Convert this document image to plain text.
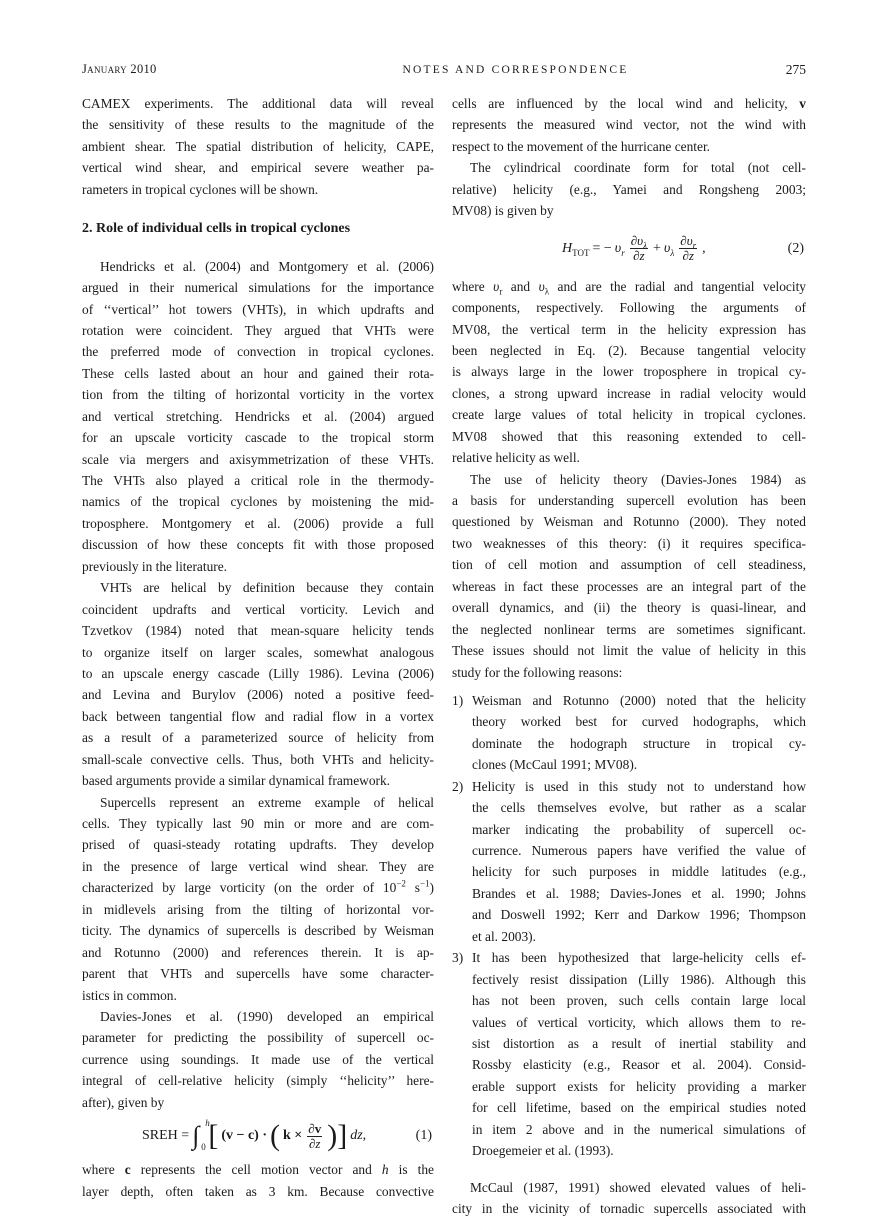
January 2010	NOTES AND CORRESPONDENCE	275
CAMEX experiments. The additional data will reveal
the sensitivity of these results to the magnitude of the
ambient shear. The spatial distribution of helicity, CAPE,
vertical wind shear, and empirical severe weather pa-
rameters in tropical cyclones will be shown.
2. Role of individual cells in tropical cyclones
Hendricks et al. (2004) and Montgomery et al. (2006)
argued in their numerical simulations for the importance
of ‘‘vertical’’ hot towers (VHTs), in which updrafts and
rotation were coincident. They argued that VHTs were
the preferred mode of convection in tropical cyclones.
These cells lasted about an hour and gained their rota-
tion from the tilting of horizontal vorticity in the vortex
and vertical stretching. Hendricks et al. (2004) argued
for an upscale vorticity cascade to the tropical storm
scale via mergers and axisymmetrization of these VHTs.
The VHTs also played a critical role in the thermody-
namics of the tropical cyclones by moistening the mid-
troposphere. Montgomery et al. (2006) provide a full
discussion of how these concepts fit with those proposed
previously in the literature.
VHTs are helical by definition because they contain
coincident updrafts and vertical vorticity. Levich and
Tzvetkov (1984) noted that mean-square helicity tends
to organize itself on larger scales, somewhat analogous
to an upscale energy cascade (Lilly 1986). Levina (2006)
and Levina and Burylov (2006) noted a positive feed-
back between tangential flow and radial flow in a vortex
as a result of a parameterized source of helicity from
small-scale convective cells. Thus, both VHTs and helicity-
based arguments provide a similar dynamical framework.
Supercells represent an extreme example of helical
cells. They typically last 90 min or more and are com-
prised of quasi-steady rotating updrafts. They develop
in the presence of large vertical wind shear. They are
characterized by large vorticity (on the order of $10^{-2}$ $s^{-1}$)
in midlevels arising from the tilting of horizontal vor-
ticity. The dynamics of supercells is described by Weisman
and Rotunno (2000) and references therein. It is ap-
parent that VHTs and supercells have some character-
istics in common.
Davies-Jones et al. (1990) developed an empirical
parameter for predicting the possibility of supercell oc-
currence using soundings. It made use of the vertical
integral of cell-relative helicity (simply ‘‘helicity’’ here-
after), given by
SREH = ∫ h
0 [ (v − c) · ( $k \times \frac{\partial v}{\partial z}$ )] dz,	(1)
where c represents the cell motion vector and h is the
layer depth, often taken as 3 km. Because convective
cells are influenced by the local wind and helicity, v
represents the measured wind vector, not the wind with
respect to the movement of the hurricane center.
The cylindrical coordinate form for total (not cell-
relative) helicity (e.g., Yamei and Rongsheng 2003;
MV08) is given by
$H_{TOT}$ = − $\upsilon_r \frac{\partial\upsilon_\lambda}{\partial z} + \upsilon_\lambda \frac{\partial\upsilon_r}{\partial z}$ ,	(2)
where $\upsilon_r$ and $\upsilon_\lambda$ and are the radial and tangential velocity
components, respectively. Following the arguments of
MV08, the vertical term in the helicity expression has
been neglected in Eq. (2). Because tangential velocity
is always large in the lower troposphere in tropical cy-
clones, a strong upward increase in radial velocity would
create large values of total helicity in tropical cyclones.
MV08 showed that this reasoning extended to cell-
relative helicity as well.
The use of helicity theory (Davies-Jones 1984) as
a basis for understanding supercell evolution has been
questioned by Weisman and Rotunno (2000). They noted
two weaknesses of this theory: (i) it requires specifica-
tion of cell motion and assumption of cell steadiness,
whereas in fact these processes are an integral part of the
overall dynamics, and (ii) the theory is quasi-linear, and
the neglected nonlinear terms are sometimes significant.
These issues should not limit the value of helicity in this
study for the following reasons:
1) Weisman and Rotunno (2000) noted that the helicity
theory worked best for curved hodographs, which
dominate the hodograph structure in tropical cy-
clones (McCaul 1991; MV08).
2) Helicity is used in this study not to understand how
the cells themselves evolve, but rather as a scalar
marker indicating the probability of supercell oc-
currence. Numerous papers have verified the value of
helicity for such purposes in middle latitudes (e.g.,
Brandes et al. 1988; Davies-Jones et al. 1990; Johns
and Doswell 1992; Kerr and Darkow 1996; Thompson
et al. 2003).
3) It has been hypothesized that large-helicity cells ef-
fectively resist dissipation (Lilly 1986). Although this
has not been proven, such cells contain large local
values of vertical vorticity, which allows them to re-
sist distortion as a result of inertial stability and
Rossby elasticity (e.g., Reasor et al. 2004). Consid-
erable support exists for helicity providing a marker
for cell lifetime, based on the empirical studies noted
in item 2 above and in the numerical simulations of
Droegemeier et al. (1993).
McCaul (1987, 1991) showed elevated values of heli-
city in the vicinity of tornadic supercells associated with
